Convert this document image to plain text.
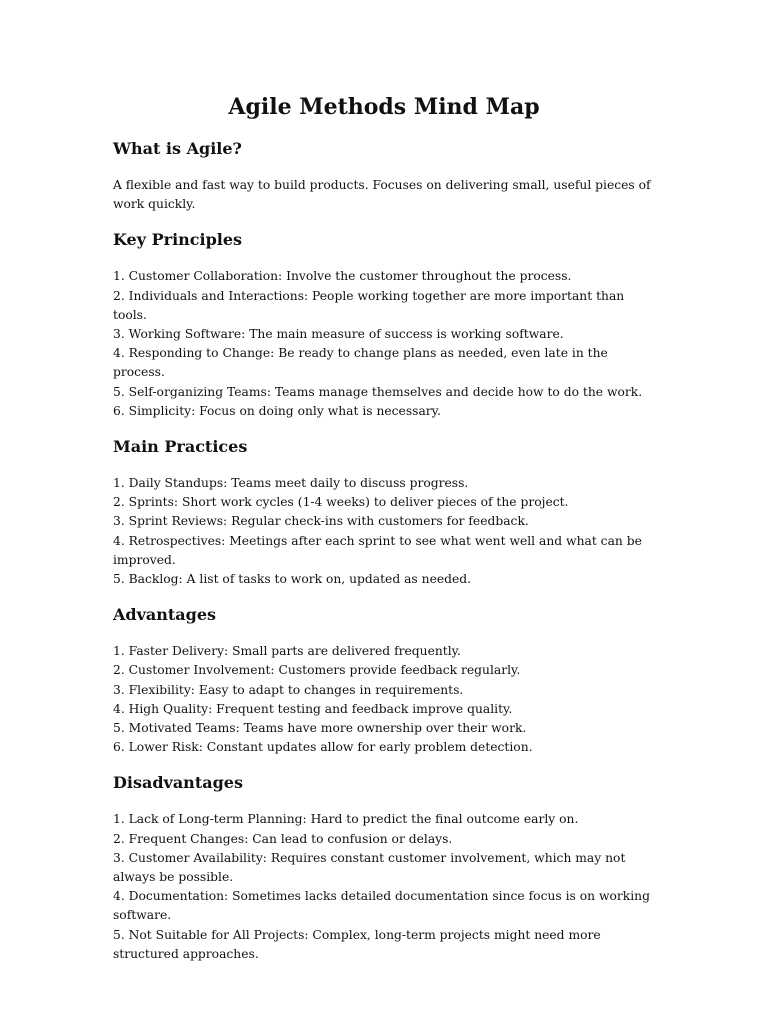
Agile Methods Mind Map
What is Agile?

A flexible and fast way to build products. Focuses on delivering small, useful pieces of work quickly.

Key Principles
1. Customer Collaboration: Involve the customer throughout the process.
2. Individuals and Interactions: People working together are more important than tools.
3. Working Software: The main measure of success is working software.
4. Responding to Change: Be ready to change plans as needed, even late in the process.
5. Self-organizing Teams: Teams manage themselves and decide how to do the work.
6. Simplicity: Focus on doing only what is necessary.
Main Practices
1. Daily Standups: Teams meet daily to discuss progress.
2. Sprints: Short work cycles (1-4 weeks) to deliver pieces of the project.
3. Sprint Reviews: Regular check-ins with customers for feedback.
4. Retrospectives: Meetings after each sprint to see what went well and what can be improved.
5. Backlog: A list of tasks to work on, updated as needed.
Advantages
1. Faster Delivery: Small parts are delivered frequently.
2. Customer Involvement: Customers provide feedback regularly.
3. Flexibility: Easy to adapt to changes in requirements.
4. High Quality: Frequent testing and feedback improve quality.
5. Motivated Teams: Teams have more ownership over their work.
6. Lower Risk: Constant updates allow for early problem detection.
Disadvantages
1. Lack of Long-term Planning: Hard to predict the final outcome early on.
2. Frequent Changes: Can lead to confusion or delays.
3. Customer Availability: Requires constant customer involvement, which may not always be possible.
4. Documentation: Sometimes lacks detailed documentation since focus is on working software.
5. Not Suitable for All Projects: Complex, long-term projects might need more structured approaches.
